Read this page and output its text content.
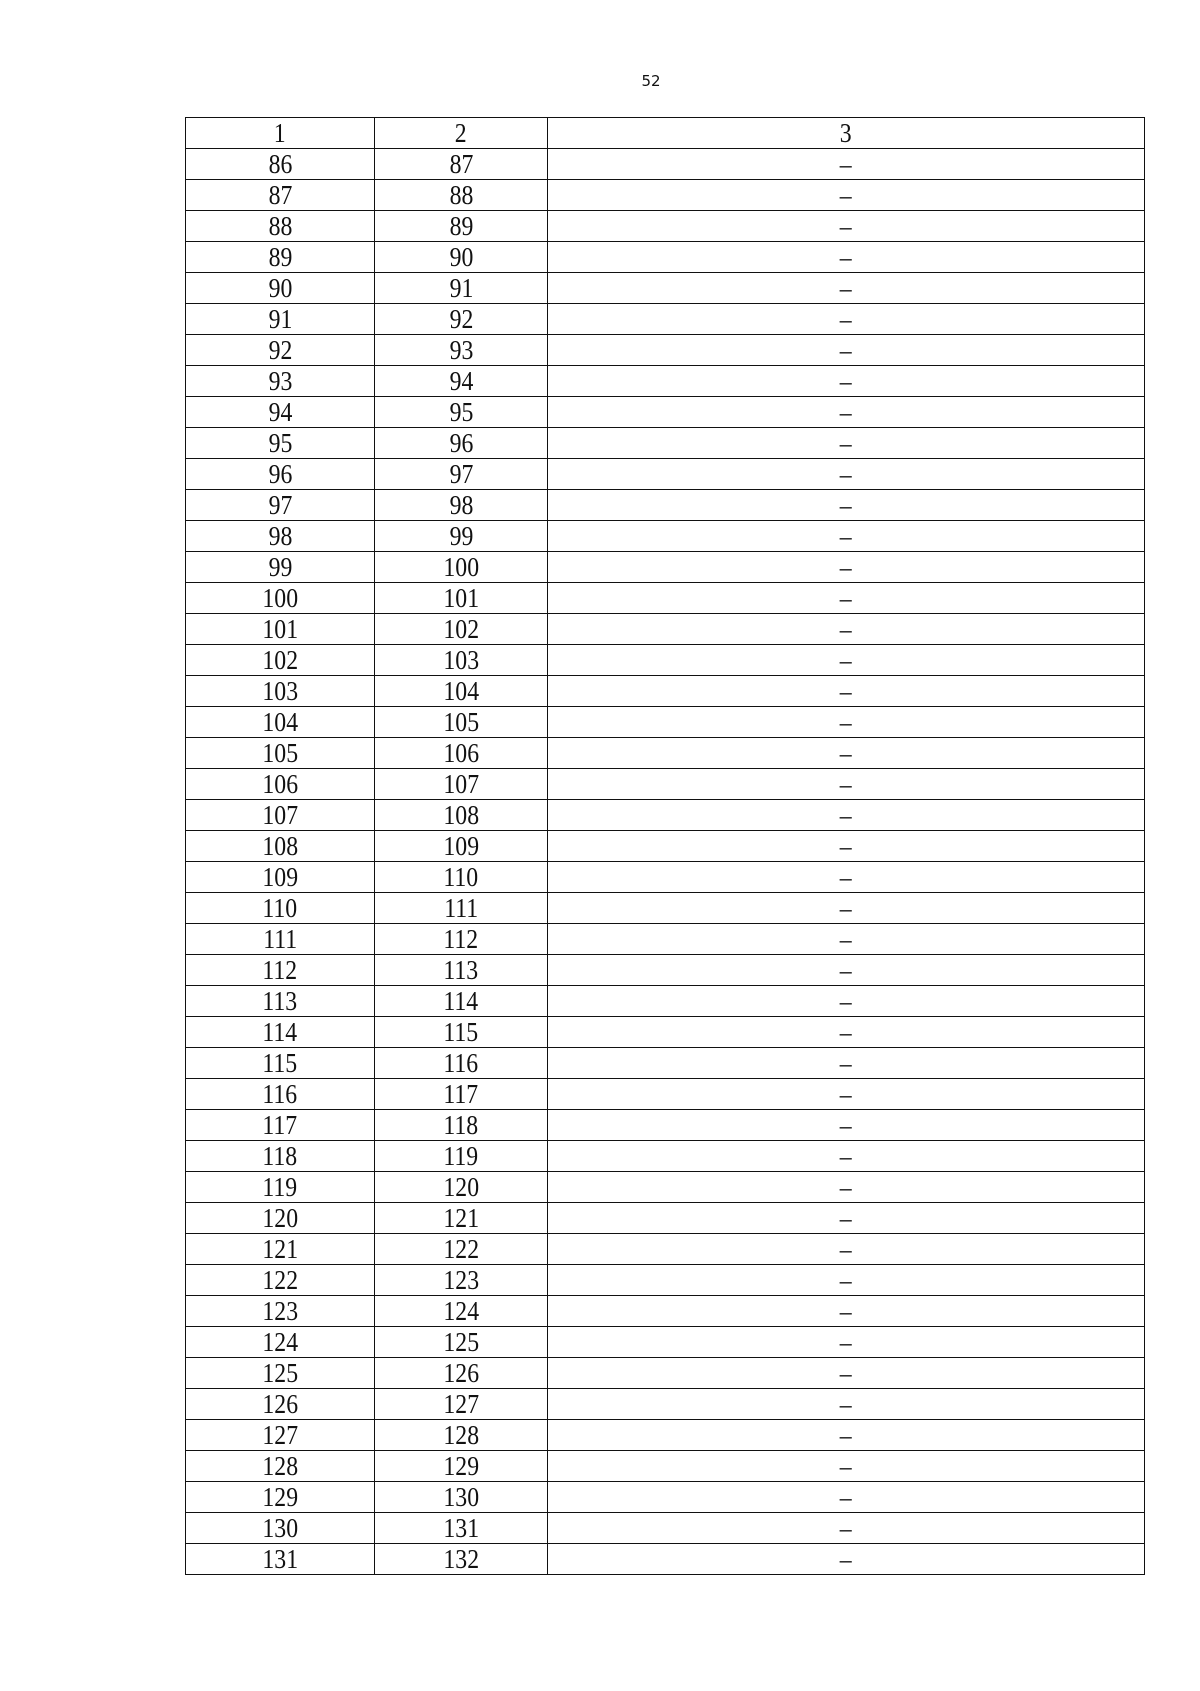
52
1	2	3
86	87	–
87	88	–
88	89	–
89	90	–
90	91	–
91	92	–
92	93	–
93	94	–
94	95	–
95	96	–
96	97	–
97	98	–
98	99	–
99	100	–
100	101	–
101	102	–
102	103	–
103	104	–
104	105	–
105	106	–
106	107	–
107	108	–
108	109	–
109	110	–
110	111	–
111	112	–
112	113	–
113	114	–
114	115	–
115	116	–
116	117	–
117	118	–
118	119	–
119	120	–
120	121	–
121	122	–
122	123	–
123	124	–
124	125	–
125	126	–
126	127	–
127	128	–
128	129	–
129	130	–
130	131	–
131	132	–
